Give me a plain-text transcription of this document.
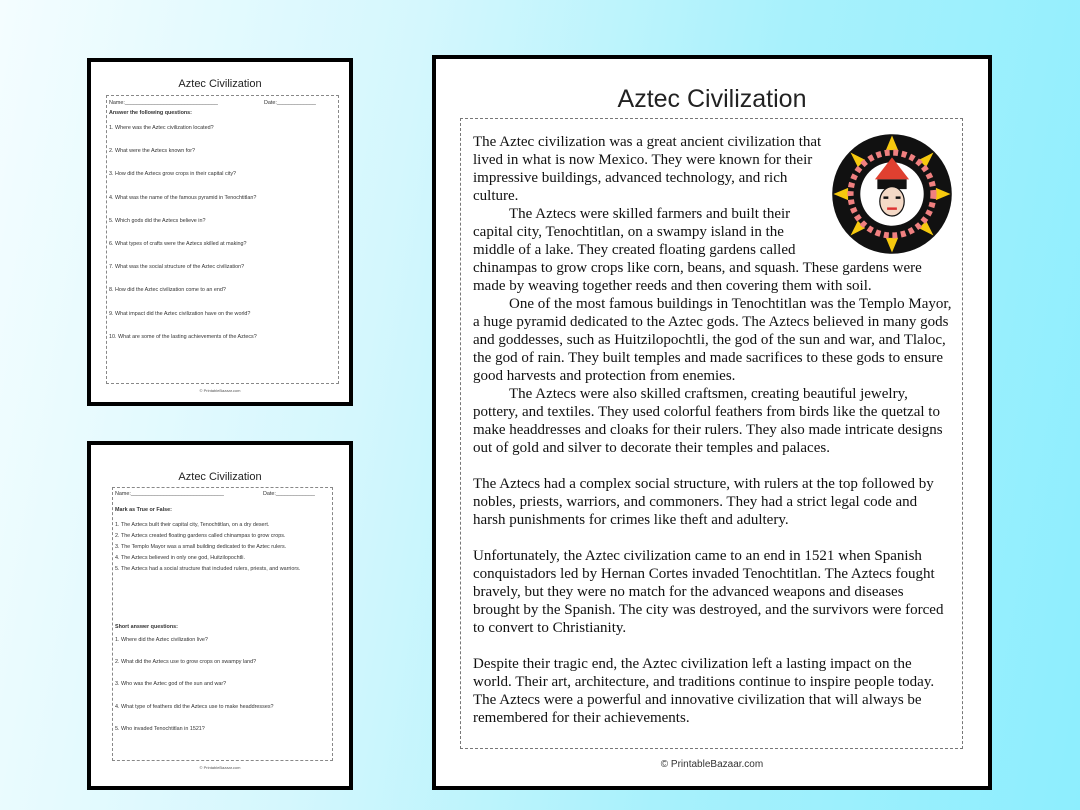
Aztec Civilization
Name:_______________________________	Date:_____________
Answer the following questions:
1. Where was the Aztec civilization located?
2. What were the Aztecs known for?
3. How did the Aztecs grow crops in their capital city?
4. What was the name of the famous pyramid in Tenochtitlan?
5. Which gods did the Aztecs believe in?
6. What types of crafts were the Aztecs skilled at making?
7. What was the social structure of the Aztec civilization?
8. How did the Aztec civilization come to an end?
9. What impact did the Aztec civilization have on the world?
10. What are some of the lasting achievements of the Aztecs?
© PrintableBazaar.com
Aztec Civilization
Name:_______________________________	Date:_____________
Mark as True or False:
1. The Aztecs built their capital city, Tenochtitlan, on a dry desert.
2. The Aztecs created floating gardens called chinampas to grow crops.
3. The Templo Mayor was a small building dedicated to the Aztec rulers.
4. The Aztecs believed in only one god, Huitzilopochtli.
5. The Aztecs had a social structure that included rulers, priests, and warriors.
Short answer questions:
1. Where did the Aztec civilization live?
2. What did the Aztecs use to grow crops on swampy land?
3. Who was the Aztec god of the sun and war?
4. What type of feathers did the Aztecs use to make headdresses?
5. Who invaded Tenochtitlan in 1521?
© PrintableBazaar.com
Aztec Civilization

The Aztec civilization was a great ancient civilization that lived in what is now Mexico. They were known for their impressive buildings, advanced technology, and rich culture.

The Aztecs were skilled farmers and built their capital city, Tenochtitlan, on a swampy island in the middle of a lake. They created floating gardens called chinampas to grow crops like corn, beans, and squash. These gardens were made by weaving together reeds and then covering them with soil.

One of the most famous buildings in Tenochtitlan was the Templo Mayor, a huge pyramid dedicated to the Aztec gods. The Aztecs believed in many gods and goddesses, such as Huitzilopochtli, the god of the sun and war, and Tlaloc, the god of rain. They built temples and made sacrifices to these gods to ensure good harvests and protection from enemies.

The Aztecs were also skilled craftsmen, creating beautiful jewelry, pottery, and textiles. They used colorful feathers from birds like the quetzal to make headdresses and cloaks for their rulers. They also made intricate designs out of gold and silver to decorate their temples and palaces.

The Aztecs had a complex social structure, with rulers at the top followed by nobles, priests, warriors, and commoners. They had a strict legal code and harsh punishments for crimes like theft and adultery.

Unfortunately, the Aztec civilization came to an end in 1521 when Spanish conquistadors led by Hernan Cortes invaded Tenochtitlan. The Aztecs fought bravely, but they were no match for the advanced weapons and diseases brought by the Spanish. The city was destroyed, and the survivors were forced to convert to Christianity.

Despite their tragic end, the Aztec civilization left a lasting impact on the world. Their art, architecture, and traditions continue to inspire people today. The Aztecs were a powerful and innovative civilization that will always be remembered for their achievements.

© PrintableBazaar.com
